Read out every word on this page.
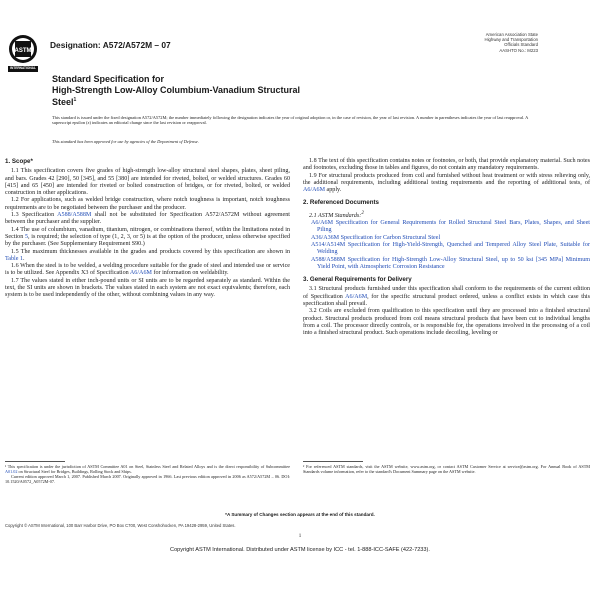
ASTM
INTERNATIONAL
Designation: A572/A572M – 07
American Association State
Highway and Transportation
Officials Standard
AASHTO No.: M223
Standard Specification for
High-Strength Low-Alloy Columbium-Vanadium Structural
Steel$^1$
This standard is issued under the fixed designation A572/A572M; the number immediately following the designation indicates the year of original adoption or, in the case of revision, the year of last revision. A number in parentheses indicates the year of last reapproval. A superscript epsilon (ε) indicates an editorial change since the last revision or reapproval.
This standard has been approved for use by agencies of the Department of Defense.
1. Scope*

1.1 This specification covers five grades of high-strength low-alloy structural steel shapes, plates, sheet piling, and bars. Grades 42 [290], 50 [345], and 55 [380] are intended for riveted, bolted, or welded structures. Grades 60 [415] and 65 [450] are intended for riveted or bolted construction of bridges, or for riveted, bolted, or welded construction in other applications.

1.2 For applications, such as welded bridge construction, where notch toughness is important, notch toughness requirements are to be negotiated between the purchaser and the producer.

1.3 Specification A588/A588M shall not be substituted for Specification A572/A572M without agreement between the purchaser and the supplier.

1.4 The use of columbium, vanadium, titanium, nitrogen, or combinations thereof, within the limitations noted in Section 5, is required; the selection of type (1, 2, 3, or 5) is at the option of the producer, unless otherwise specified by the purchaser. (See Supplementary Requirement S90.)

1.5 The maximum thicknesses available in the grades and products covered by this specification are shown in Table 1.

1.6 When the steel is to be welded, a welding procedure suitable for the grade of steel and intended use or service is to be utilized. See Appendix X3 of Specification A6/A6M for information on weldability.

1.7 The values stated in either inch-pound units or SI units are to be regarded separately as standard. Within the text, the SI units are shown in brackets. The values stated in each system are not exact equivalents; therefore, each system is to be used independently of the other, without combining values in any way.

1.8 The text of this specification contains notes or footnotes, or both, that provide explanatory material. Such notes and footnotes, excluding those in tables and figures, do not contain any mandatory requirements.

1.9 For structural products produced from coil and furnished without heat treatment or with stress relieving only, the additional requirements, including additional testing requirements and the reporting of additional tests, of A6/A6M apply.

2. Referenced Documents

2.1 ASTM Standards:$^2$

A6/A6M Specification for General Requirements for Rolled Structural Steel Bars, Plates, Shapes, and Sheet Piling

A36/A36M Specification for Carbon Structural Steel

A514/A514M Specification for High-Yield-Strength, Quenched and Tempered Alloy Steel Plate, Suitable for Welding

A588/A588M Specification for High-Strength Low-Alloy Structural Steel, up to 50 ksi [345 MPa] Minimum Yield Point, with Atmospheric Corrosion Resistance

3. General Requirements for Delivery

3.1 Structural products furnished under this specification shall conform to the requirements of the current edition of Specification A6/A6M, for the specific structural product ordered, unless a conflict exists in which case this specification shall prevail.

3.2 Coils are excluded from qualification to this specification until they are processed into a finished structural product. Structural products produced from coil means structural products that have been cut to individual lengths from a coil. The processor directly controls, or is responsible for, the operations involved in the processing of a coil into a finished structural product. Such operations include decoiling, leveling or

¹ This specification is under the jurisdiction of ASTM Committee A01 on Steel, Stainless Steel and Related Alloys and is the direct responsibility of Subcommittee A01.02 on Structural Steel for Bridges, Buildings, Rolling Stock and Ships.
Current edition approved March 1, 2007. Published March 2007. Originally approved in 1966. Last previous edition approved in 2006 as A572/A572M – 06. DOI: 10.1520/A0572_A0572M-07.
² For referenced ASTM standards, visit the ASTM website, www.astm.org, or contact ASTM Customer Service at service@astm.org. For Annual Book of ASTM Standards volume information, refer to the standard's Document Summary page on the ASTM website.
*A Summary of Changes section appears at the end of this standard.
Copyright © ASTM International, 100 Barr Harbor Drive, PO Box C700, West Conshohocken, PA 19428-2959, United States.
1
Copyright ASTM International. Distributed under ASTM license by ICC - tel. 1-888-ICC-SAFE (422-7233).
